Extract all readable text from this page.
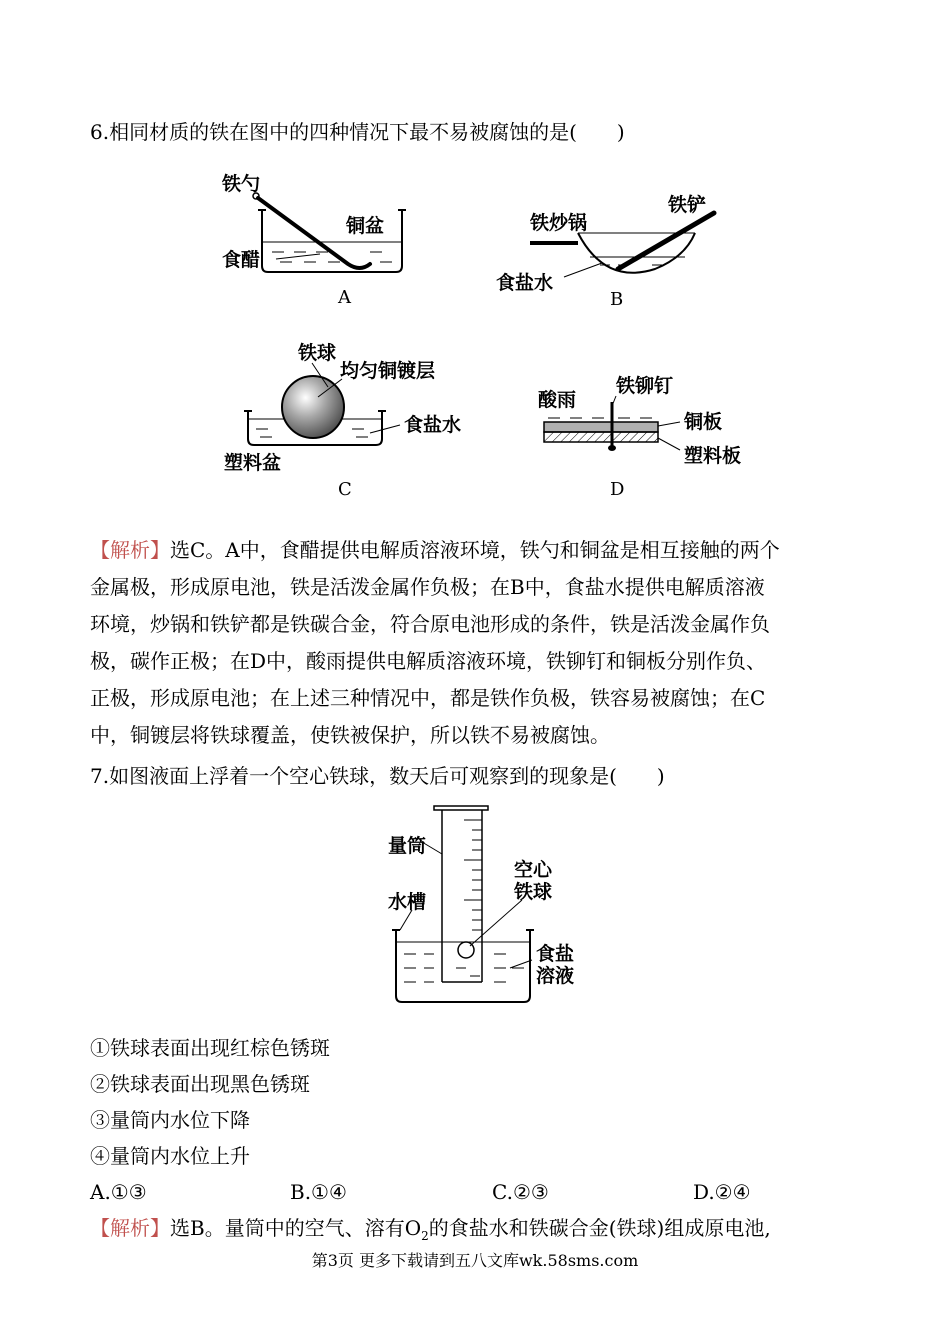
6.相同材质的铁在图中的四种情况下最不易被腐蚀的是(　　)
铁勺
铜盆
食醋
A
铁铲
铁炒锅
食盐水
B
铁球
均匀铜镀层
食盐水
塑料盆
C
酸雨
铁铆钉
铜板
塑料板
D
【解析】选C。A中，食醋提供电解质溶液环境，铁勺和铜盆是相互接触的两个
金属极，形成原电池，铁是活泼金属作负极；在B中，食盐水提供电解质溶液
环境，炒锅和铁铲都是铁碳合金，符合原电池形成的条件，铁是活泼金属作负
极，碳作正极；在D中，酸雨提供电解质溶液环境，铁铆钉和铜板分别作负、
正极，形成原电池；在上述三种情况中，都是铁作负极，铁容易被腐蚀；在C
中，铜镀层将铁球覆盖，使铁被保护，所以铁不易被腐蚀。
7.如图液面上浮着一个空心铁球，数天后可观察到的现象是(　　)
量筒
水槽
空心
铁球
食盐
溶液
①铁球表面出现红棕色锈斑
②铁球表面出现黑色锈斑
③量筒内水位下降
④量筒内水位上升
A.①③	B.①④	C.②③	D.②④
【解析】选B。量筒中的空气、溶有$O_2$的食盐水和铁碳合金(铁球)组成原电池,
第3页 更多下载请到五八文库wk.58sms.com
